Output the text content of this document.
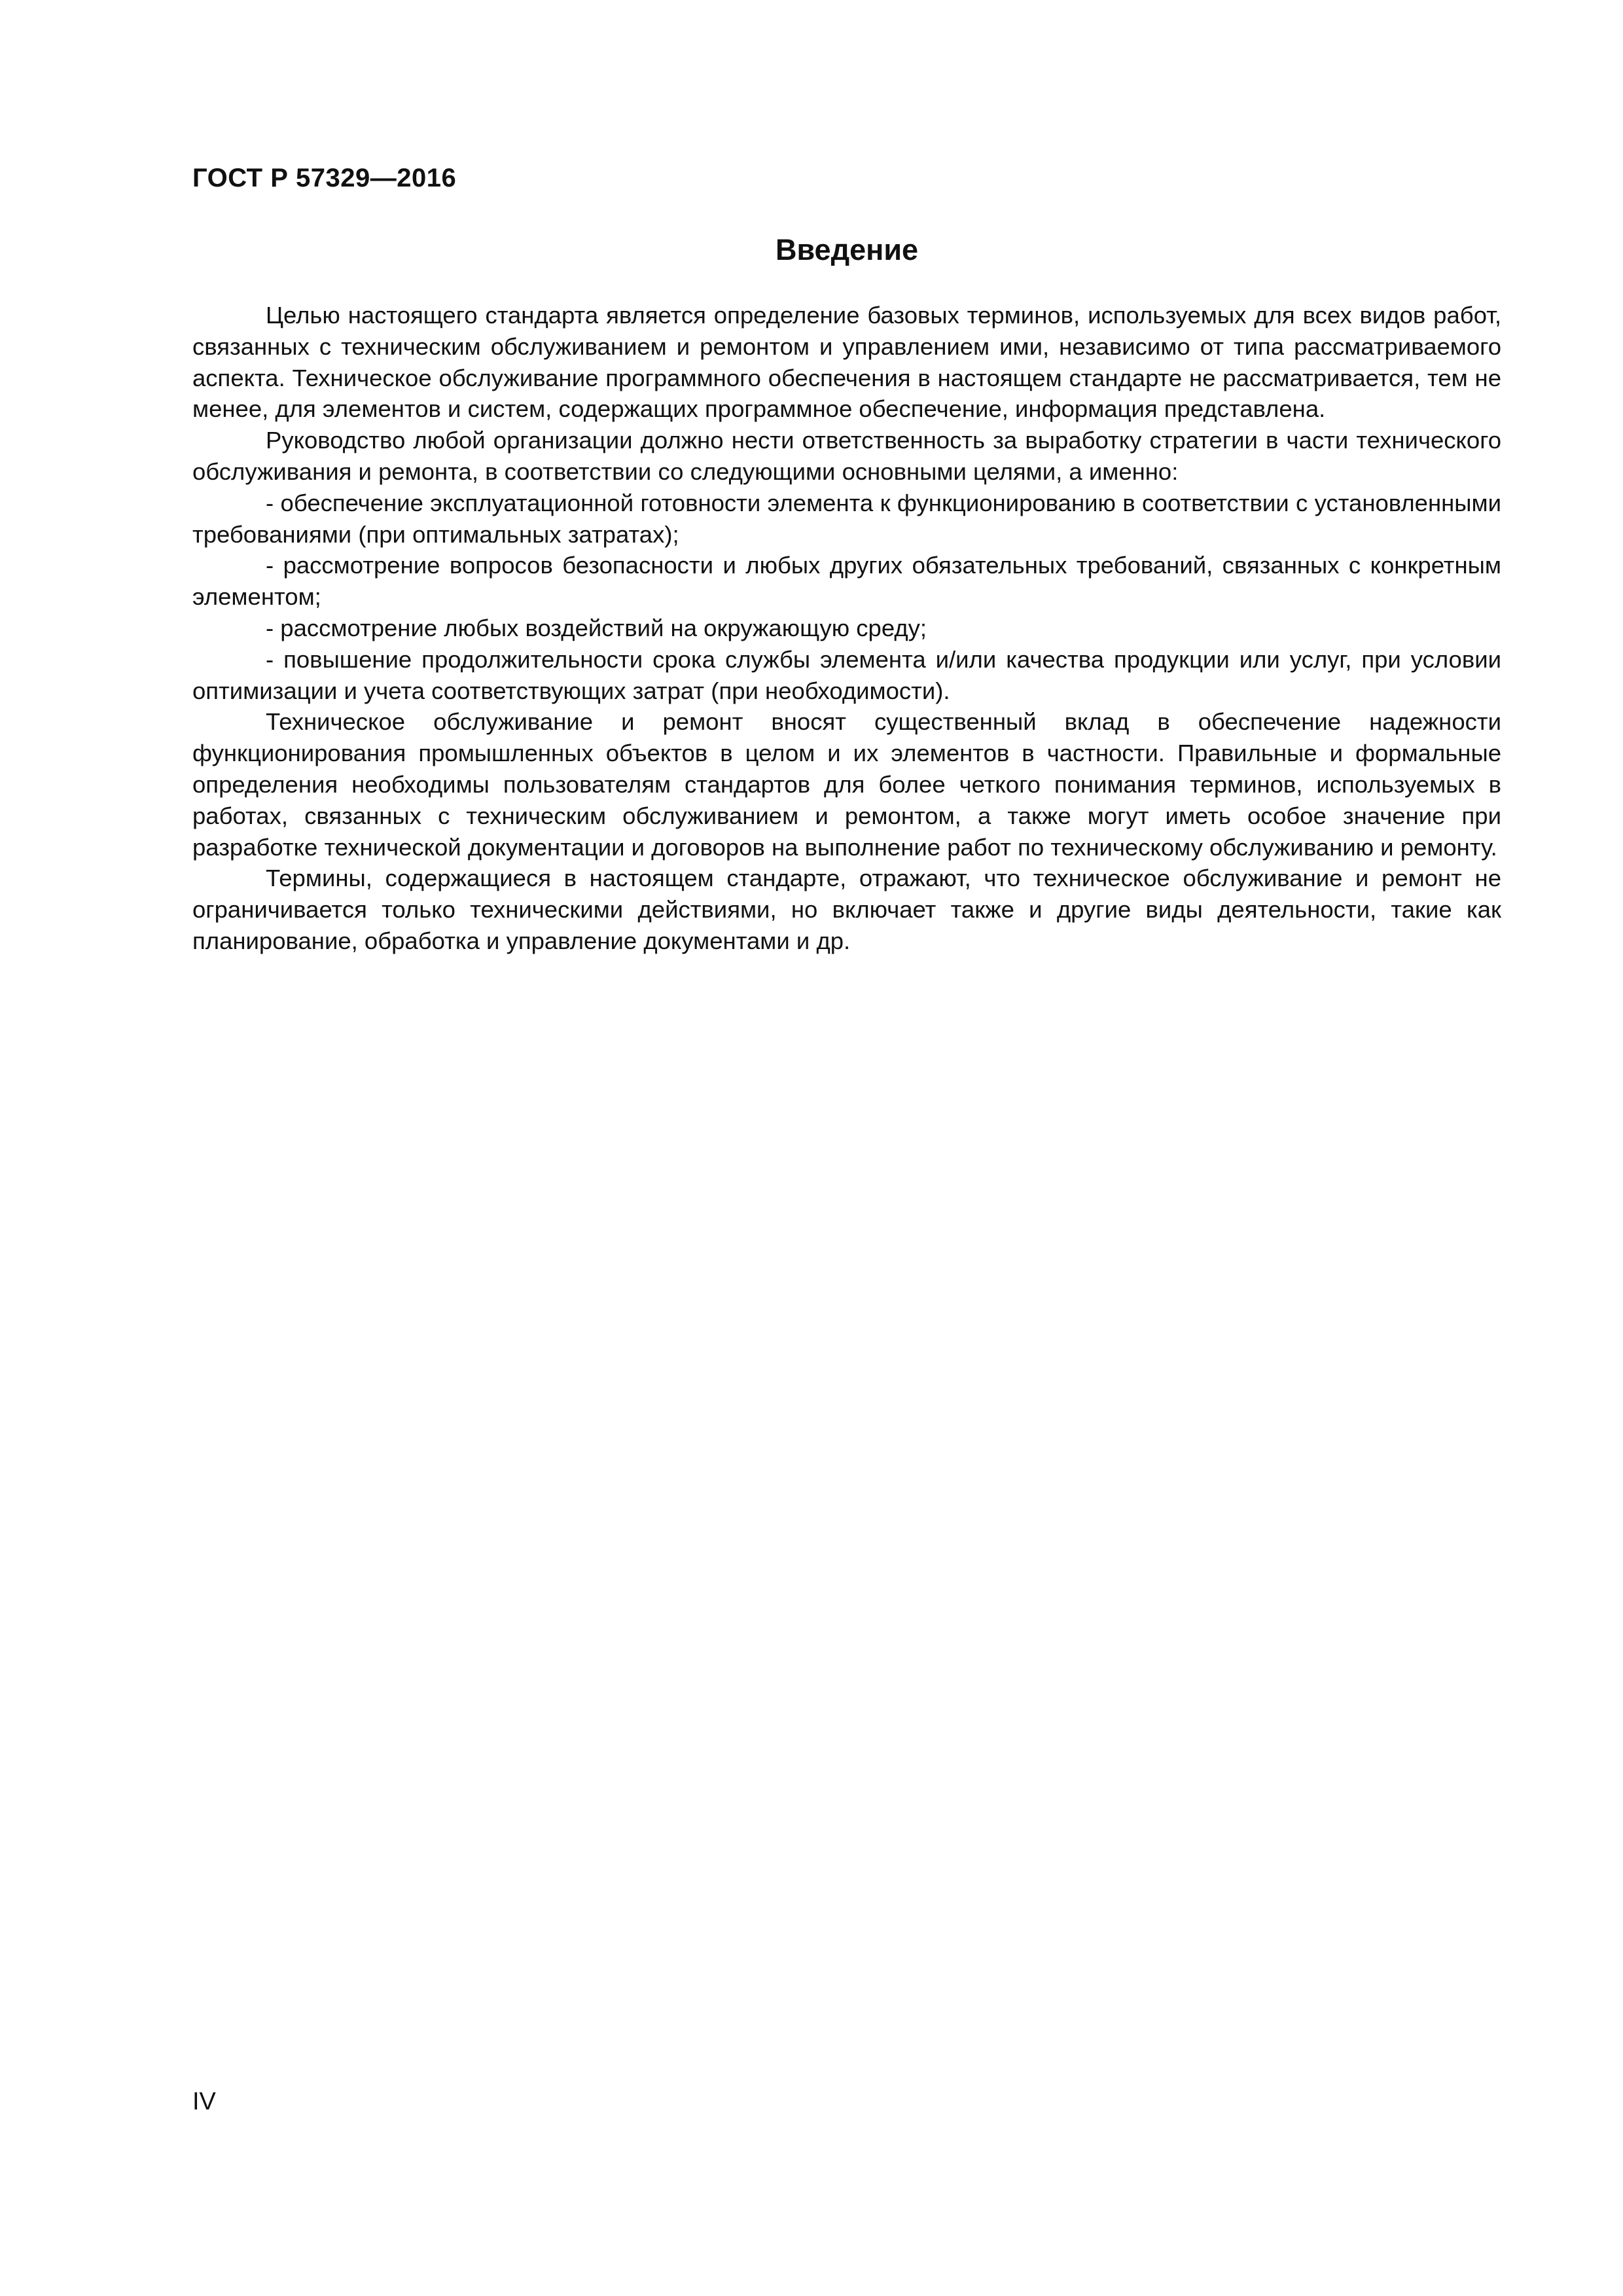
ГОСТ Р 57329—2016
Введение

Целью настоящего стандарта является определение базовых терминов, используемых для всех видов работ, связанных с техническим обслуживанием и ремонтом и управлением ими, независимо от типа рассматриваемого аспекта. Техническое обслуживание программного обеспечения в настоящем стандарте не рассматривается, тем не менее, для элементов и систем, содержащих программное обеспечение, информация представлена.

Руководство любой организации должно нести ответственность за выработку стратегии в части технического обслуживания и ремонта, в соответствии со следующими основными целями, а именно:

- обеспечение эксплуатационной готовности элемента к функционированию в соответствии с установленными требованиями (при оптимальных затратах);

- рассмотрение вопросов безопасности и любых других обязательных требований, связанных с конкретным элементом;

- рассмотрение любых воздействий на окружающую среду;

- повышение продолжительности срока службы элемента и/или качества продукции или услуг, при условии оптимизации и учета соответствующих затрат (при необходимости).

Техническое обслуживание и ремонт вносят существенный вклад в обеспечение надежности функционирования промышленных объектов в целом и их элементов в частности. Правильные и формальные определения необходимы пользователям стандартов для более четкого понимания терминов, используемых в работах, связанных с техническим обслуживанием и ремонтом, а также могут иметь особое значение при разработке технической документации и договоров на выполнение работ по техническому обслуживанию и ремонту.

Термины, содержащиеся в настоящем стандарте, отражают, что техническое обслуживание и ремонт не ограничивается только техническими действиями, но включает также и другие виды деятельности, такие как планирование, обработка и управление документами и др.

IV
